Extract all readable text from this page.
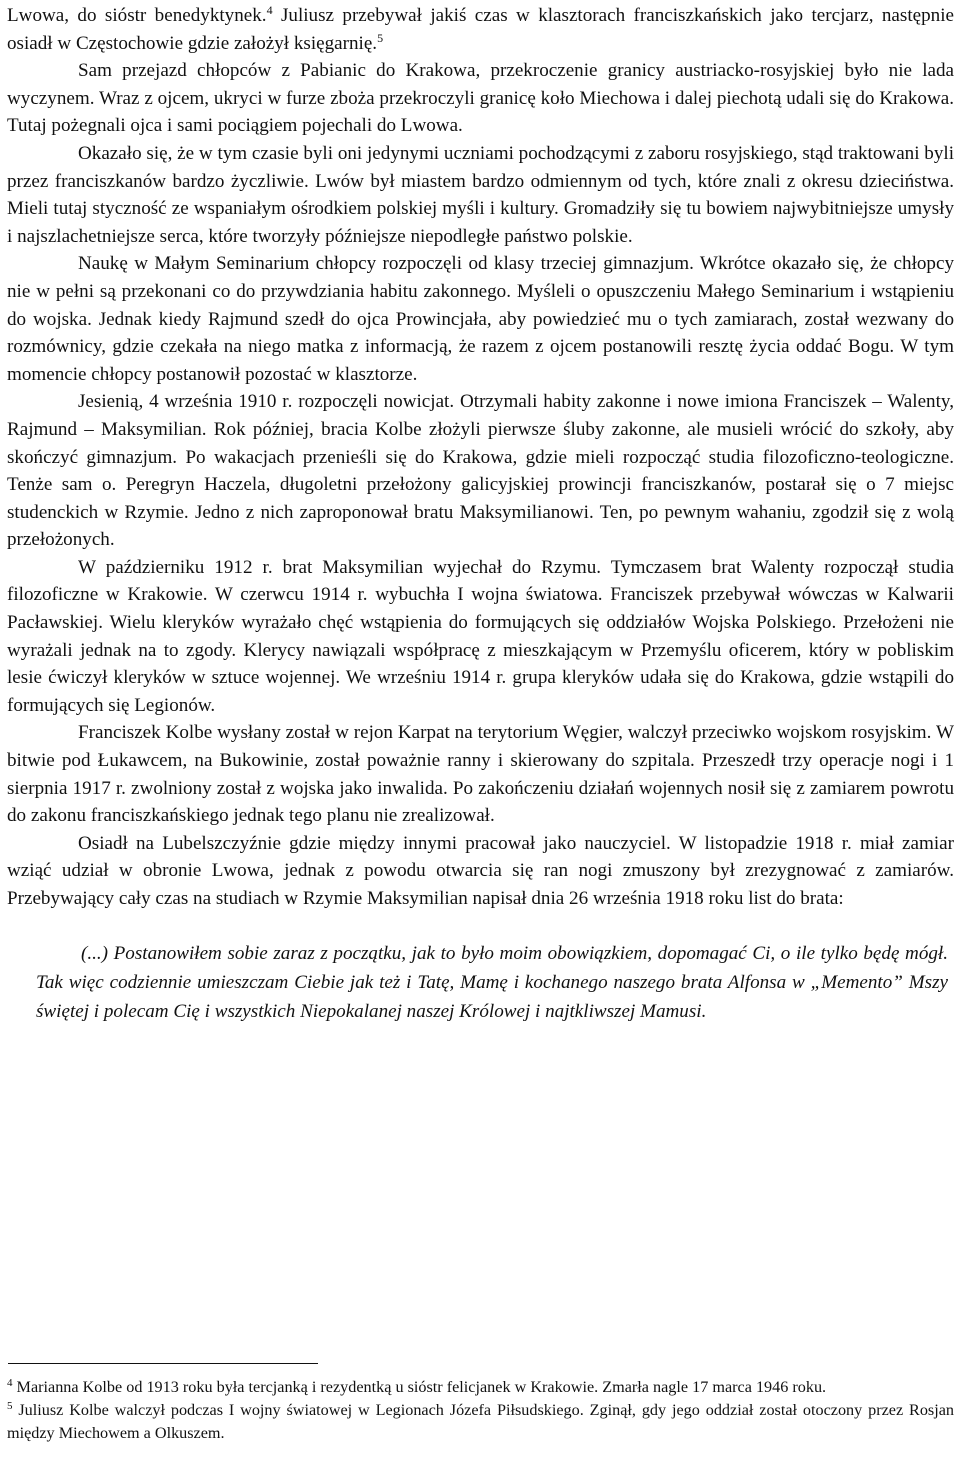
Lwowa, do sióstr benedyktynek.$^4$ Juliusz przebywał jakiś czas w klasztorach franciszkańskich jako tercjarz, następnie osiadł w Częstochowie gdzie założył księgarnię.$^5$

Sam przejazd chłopców z Pabianic do Krakowa, przekroczenie granicy austriacko-rosyjskiej było nie lada wyczynem. Wraz z ojcem, ukryci w furze zboża przekroczyli granicę koło Miechowa i dalej piechotą udali się do Krakowa. Tutaj pożegnali ojca i sami pociągiem pojechali do Lwowa.

Okazało się, że w tym czasie byli oni jedynymi uczniami pochodzącymi z zaboru rosyjskiego, stąd traktowani byli przez franciszkanów bardzo życzliwie. Lwów był miastem bardzo odmiennym od tych, które znali z okresu dzieciństwa. Mieli tutaj styczność ze wspaniałym ośrodkiem polskiej myśli i kultury. Gromadziły się tu bowiem najwybitniejsze umysły i najszlachetniejsze serca, które tworzyły późniejsze niepodległe państwo polskie.

Naukę w Małym Seminarium chłopcy rozpoczęli od klasy trzeciej gimnazjum. Wkrótce okazało się, że chłopcy nie w pełni są przekonani co do przywdziania habitu zakonnego. Myśleli o opuszczeniu Małego Seminarium i wstąpieniu do wojska. Jednak kiedy Rajmund szedł do ojca Prowincjała, aby powiedzieć mu o tych zamiarach, został wezwany do rozmównicy, gdzie czekała na niego matka z informacją, że razem z ojcem postanowili resztę życia oddać Bogu. W tym momencie chłopcy postanowił pozostać w klasztorze.

Jesienią, 4 września 1910 r. rozpoczęli nowicjat. Otrzymali habity zakonne i nowe imiona Franciszek – Walenty, Rajmund – Maksymilian. Rok później, bracia Kolbe złożyli pierwsze śluby zakonne, ale musieli wrócić do szkoły, aby skończyć gimnazjum. Po wakacjach przenieśli się do Krakowa, gdzie mieli rozpocząć studia filozoficzno-teologiczne. Tenże sam o. Peregryn Haczela, długoletni przełożony galicyjskiej prowincji franciszkanów, postarał się o 7 miejsc studenckich w Rzymie. Jedno z nich zaproponował bratu Maksymilianowi. Ten, po pewnym wahaniu, zgodził się z wolą przełożonych.

W październiku 1912 r. brat Maksymilian wyjechał do Rzymu. Tymczasem brat Walenty rozpoczął studia filozoficzne w Krakowie. W czerwcu 1914 r. wybuchła I wojna światowa. Franciszek przebywał wówczas w Kalwarii Pacławskiej. Wielu kleryków wyrażało chęć wstąpienia do formujących się oddziałów Wojska Polskiego. Przełożeni nie wyrażali jednak na to zgody. Klerycy nawiązali współpracę z mieszkającym w Przemyślu oficerem, który w pobliskim lesie ćwiczył kleryków w sztuce wojennej. We wrześniu 1914 r. grupa kleryków udała się do Krakowa, gdzie wstąpili do formujących się Legionów.

Franciszek Kolbe wysłany został w rejon Karpat na terytorium Węgier, walczył przeciwko wojskom rosyjskim. W bitwie pod Łukawcem, na Bukowinie, został poważnie ranny i skierowany do szpitala. Przeszedł trzy operacje nogi i 1 sierpnia 1917 r. zwolniony został z wojska jako inwalida. Po zakończeniu działań wojennych nosił się z zamiarem powrotu do zakonu franciszkańskiego jednak tego planu nie zrealizował.

Osiadł na Lubelszczyźnie gdzie między innymi pracował jako nauczyciel. W listopadzie 1918 r. miał zamiar wziąć udział w obronie Lwowa, jednak z powodu otwarcia się ran nogi zmuszony był zrezygnować z zamiarów. Przebywający cały czas na studiach w Rzymie Maksymilian napisał dnia 26 września 1918 roku list do brata:

(...) Postanowiłem sobie zaraz z początku, jak to było moim obowiązkiem, dopomagać Ci, o ile tylko będę mógł. Tak więc codziennie umieszczam Ciebie jak też i Tatę, Mamę i kochanego naszego brata Alfonsa w „Memento” Mszy świętej i polecam Cię i wszystkich Niepokalanej naszej Królowej i najtkliwszej Mamusi.

$^4$ Marianna Kolbe od 1913 roku była tercjanką i rezydentką u sióstr felicjanek w Krakowie. Zmarła nagle 17 marca 1946 roku.

$^5$ Juliusz Kolbe walczył podczas I wojny światowej w Legionach Józefa Piłsudskiego. Zginął, gdy jego oddział został otoczony przez Rosjan między Miechowem a Olkuszem.
